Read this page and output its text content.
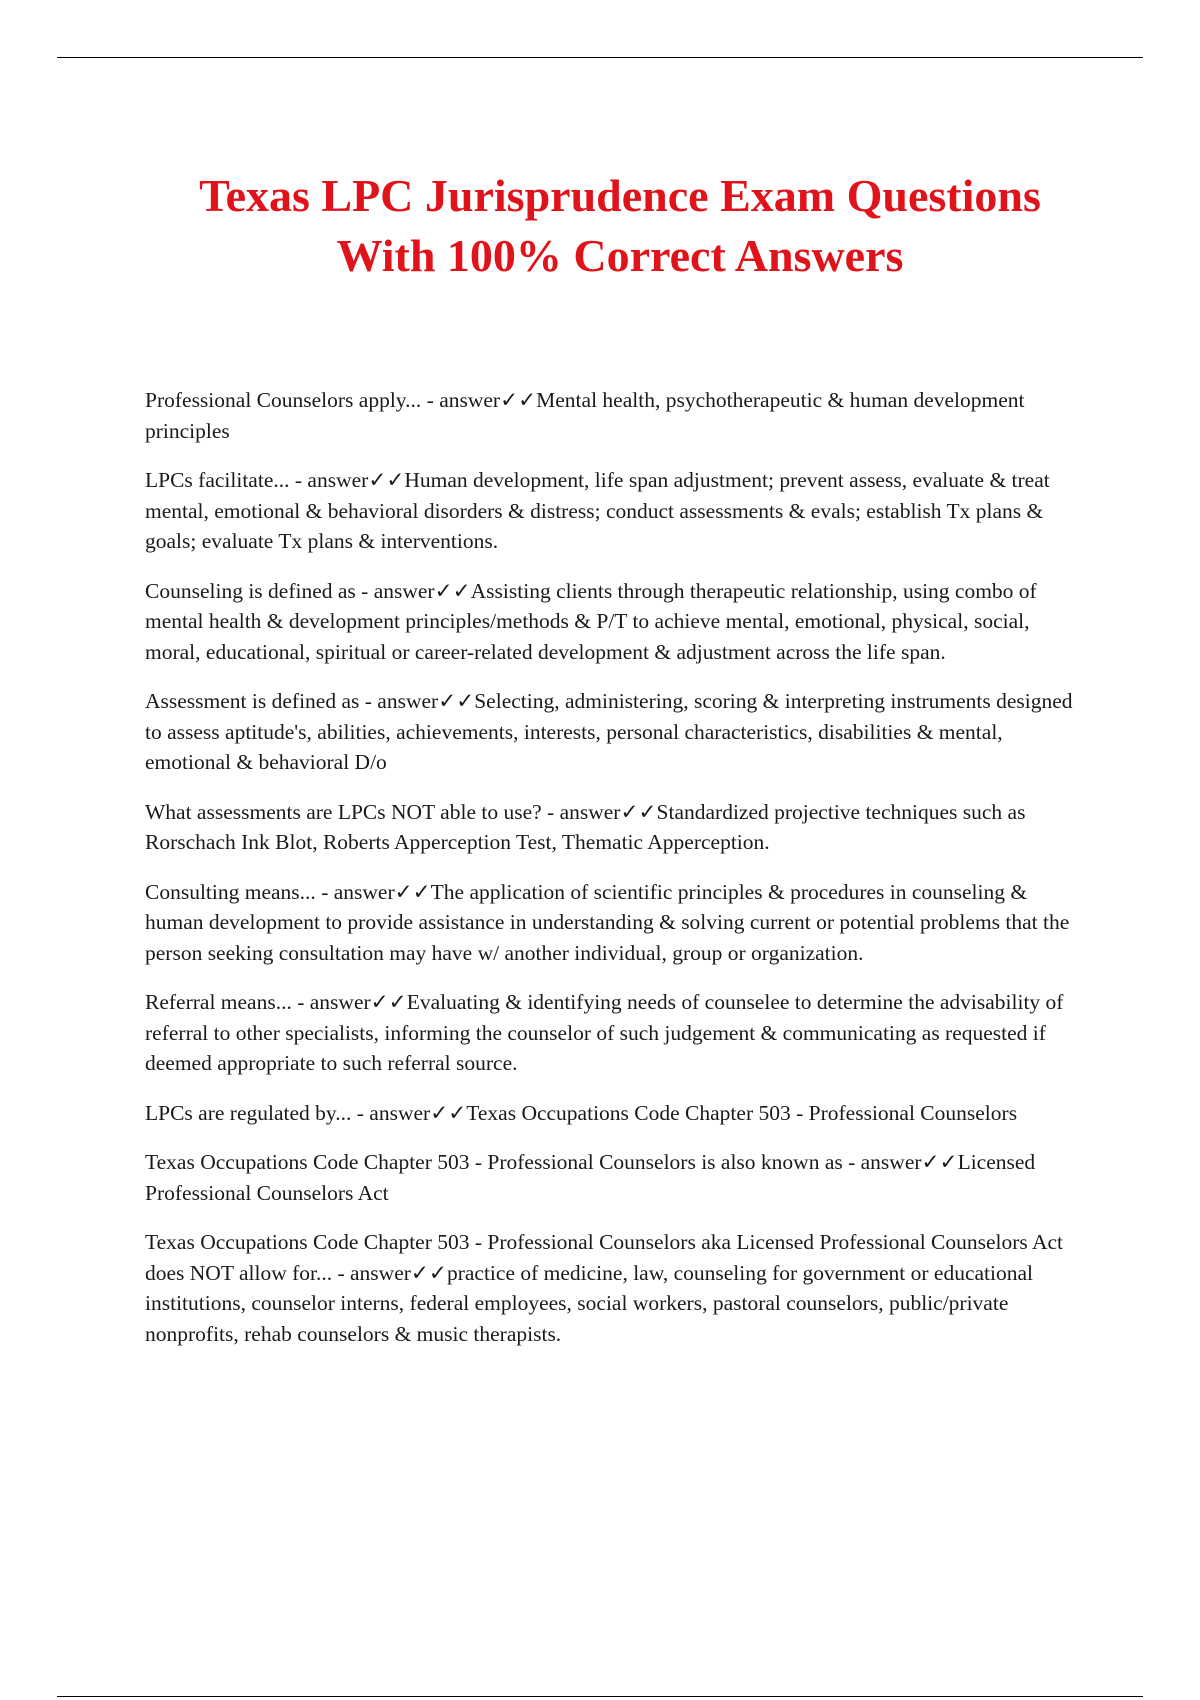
Texas LPC Jurisprudence Exam Questions
With 100% Correct Answers

Professional Counselors apply... - answer✓✓Mental health, psychotherapeutic & human development principles

LPCs facilitate... - answer✓✓Human development, life span adjustment; prevent assess, evaluate & treat mental, emotional & behavioral disorders & distress; conduct assessments & evals; establish Tx plans & goals; evaluate Tx plans & interventions.

Counseling is defined as - answer✓✓Assisting clients through therapeutic relationship, using combo of mental health & development principles/methods & P/T to achieve mental, emotional, physical, social, moral, educational, spiritual or career-related development & adjustment across the life span.

Assessment is defined as - answer✓✓Selecting, administering, scoring & interpreting instruments designed to assess aptitude's, abilities, achievements, interests, personal characteristics, disabilities & mental, emotional & behavioral D/o

What assessments are LPCs NOT able to use? - answer✓✓Standardized projective techniques such as Rorschach Ink Blot, Roberts Apperception Test, Thematic Apperception.

Consulting means... - answer✓✓The application of scientific principles & procedures in counseling & human development to provide assistance in understanding & solving current or potential problems that the person seeking consultation may have w/ another individual, group or organization.

Referral means... - answer✓✓Evaluating & identifying needs of counselee to determine the advisability of referral to other specialists, informing the counselor of such judgement & communicating as requested if deemed appropriate to such referral source.

LPCs are regulated by... - answer✓✓Texas Occupations Code Chapter 503 - Professional Counselors

Texas Occupations Code Chapter 503 - Professional Counselors is also known as - answer✓✓Licensed Professional Counselors Act

Texas Occupations Code Chapter 503 - Professional Counselors aka Licensed Professional Counselors Act does NOT allow for... - answer✓✓practice of medicine, law, counseling for government or educational institutions, counselor interns, federal employees, social workers, pastoral counselors, public/private nonprofits, rehab counselors & music therapists.
